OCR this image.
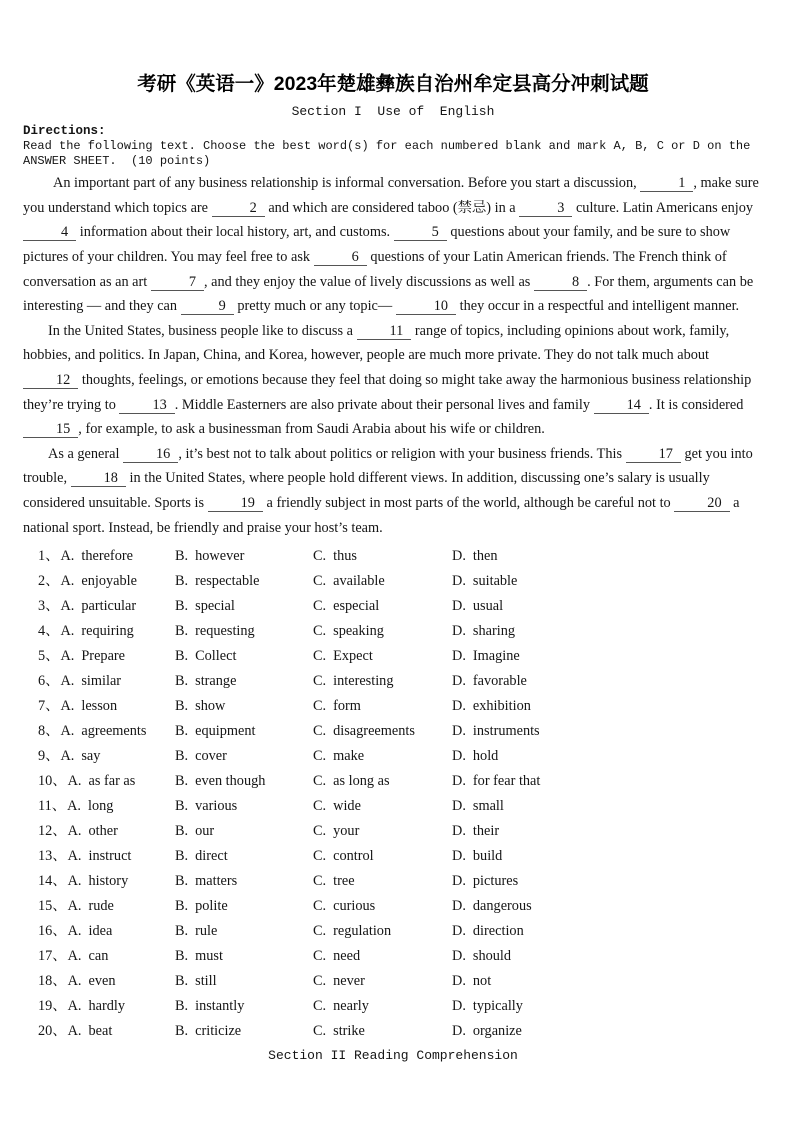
考研《英语一》2023年楚雄彝族自治州牟定县高分冲刺试题
Section I  Use of  English
Directions:
Read the following text. Choose the best word(s) for each numbered blank and mark A, B, C or D on the ANSWER SHEET.  (10 points)

An important part of any business relationship is informal conversation. Before you start a discussion,	1 , make sure you understand which topics are	2 and which are considered taboo (禁忌) in a	3 culture. Latin Americans enjoy 4 information about their local history, art, and customs.	5 questions about your family, and be sure to show pictures of your children. You may feel free to ask	6 questions of your Latin American friends. The French think of conversation as an art	7 , and they enjoy the value of lively discussions as well as	8 . For them, arguments can be interesting — and they can	9 pretty much or any topic—	10 they occur in a respectful and intelligent manner.

In the United States, business people like to discuss a 11 range of topics, including opinions about work, family, hobbies, and politics. In Japan, China, and Korea, however, people are much more private. They do not talk much about 12 thoughts, feelings, or emotions because they feel that doing so might take away the harmonious business relationship they’re trying to 13 . Middle Easterners are also private about their personal lives and family 14 . It is considered 15 , for example, to ask a businessman from Saudi Arabia about his wife or children.

As a general 16 , it’s best not to talk about politics or religion with your business friends. This 17 get you into trouble, 18 in the United States, where people hold different views. In addition, discussing one’s salary is usually considered unsuitable. Sports is 19 a friendly subject in most parts of the world, although be careful not to 20 a national sport. Instead, be friendly and praise your host’s team.

1、A. therefore	B. however	C. thus	D. then
2、A. enjoyable	B. respectable	C. available	D. suitable
3、A. particular	B. special	C. especial	D. usual
4、A. requiring	B. requesting	C. speaking	D. sharing
5、A. Prepare	B. Collect	C. Expect	D. Imagine
6、A. similar	B. strange	C. interesting	D. favorable
7、A. lesson	B. show	C. form	D. exhibition
8、A. agreements	B. equipment	C. disagreements	D. instruments
9、A. say	B. cover	C. make	D. hold
10、A. as far as	B. even though	C. as long as	D. for fear that
11、A. long	B. various	C. wide	D. small
12、A. other	B. our	C. your	D. their
13、A. instruct	B. direct	C. control	D. build
14、A. history	B. matters	C. tree	D. pictures
15、A. rude	B. polite	C. curious	D. dangerous
16、A. idea	B. rule	C. regulation	D. direction
17、A. can	B. must	C. need	D. should
18、A. even	B. still	C. never	D. not
19、A. hardly	B. instantly	C. nearly	D. typically
20、A. beat	B. criticize	C. strike	D. organize
Section II Reading Comprehension
